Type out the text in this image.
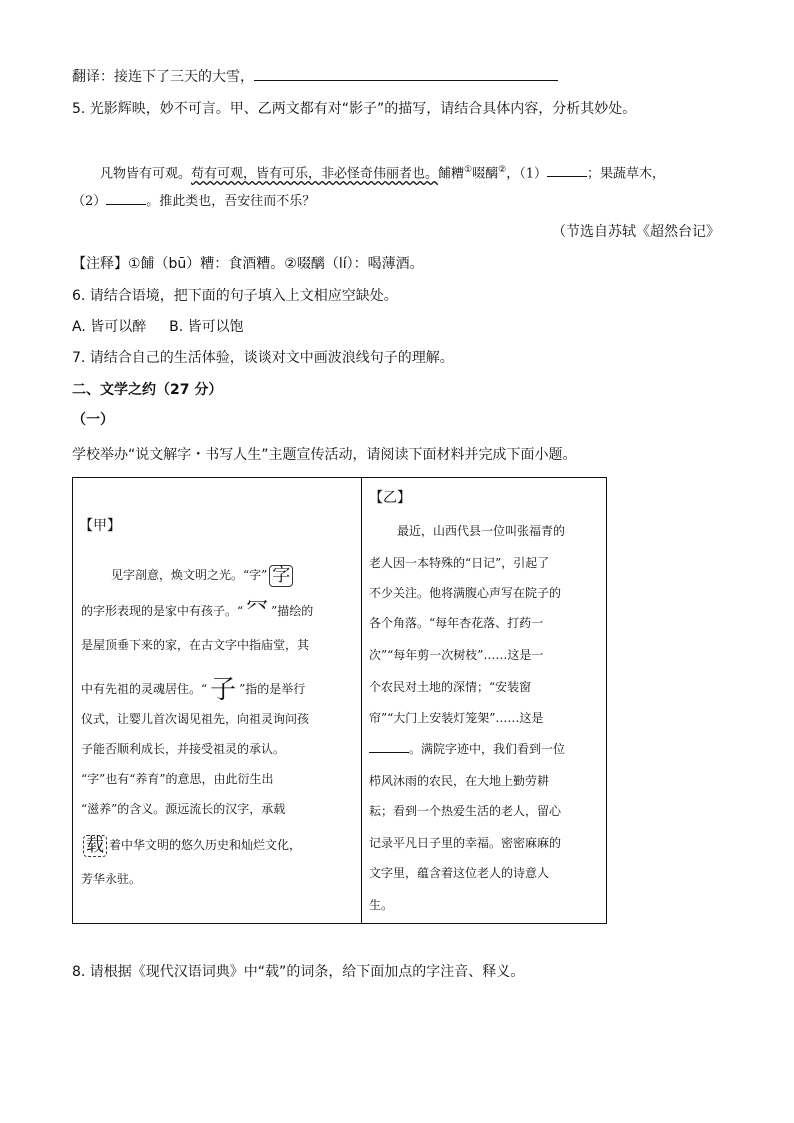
翻译：接连下了三天的大雪，
5. 光影辉映，妙不可言。甲、乙两文都有对“影子”的描写，请结合具体内容，分析其妙处。
凡物皆有可观。苟有可观，皆有可乐，非必怪奇伟丽者也。餔糟①啜醨②，（1）	；果蔬草木，
（2）	。推此类也，吾安往而不乐？
（节选自苏轼《超然台记》
【注释】①餔（bū）糟：食酒糟。②啜醨（lí）：喝薄酒。
6. 请结合语境，把下面的句子填入上文相应空缺处。
A. 皆可以醉 B. 皆可以饱
7. 请结合自己的生活体验，谈谈对文中画波浪线句子的理解。
二、文学之约（27 分）
（一）
学校举办“说文解字・书写人生”主题宣传活动，请阅读下面材料并完成下面小题。
【甲】
见字剖意，焕文明之光。“字” 字
的字形表现的是家中有孩子。“ ⺳ ”描绘的
是屋顶垂下来的家，在古文字中指庙堂，其
中有先祖的灵魂居住。“ 子 ”指的是举行
仪式，让婴儿首次谒见祖先，向祖灵询问孩
子能否顺利成长，并接受祖灵的承认。
“字”也有“养育”的意思，由此衍生出
“滋养”的含义。源远流长的汉字，承载
载 着中华文明的悠久历史和灿烂文化，
芳华永驻。
【乙】
最近，山西代县一位叫张福青的
老人因一本特殊的“日记”，引起了
不少关注。他将满腹心声写在院子的
各个角落。“每年杏花落、打药一
次”“每年剪一次树枝”……这是一
个农民对土地的深情；“安装窗
帘”“大门上安装灯笼架”……这是
。满院字迹中，我们看到一位
栉风沐雨的农民，在大地上勤劳耕
耘；看到一个热爱生活的老人，留心
记录平凡日子里的幸福。密密麻麻的
文字里，蕴含着这位老人的诗意人
生。
8. 请根据《现代汉语词典》中“载”的词条，给下面加点的字注音、释义。
